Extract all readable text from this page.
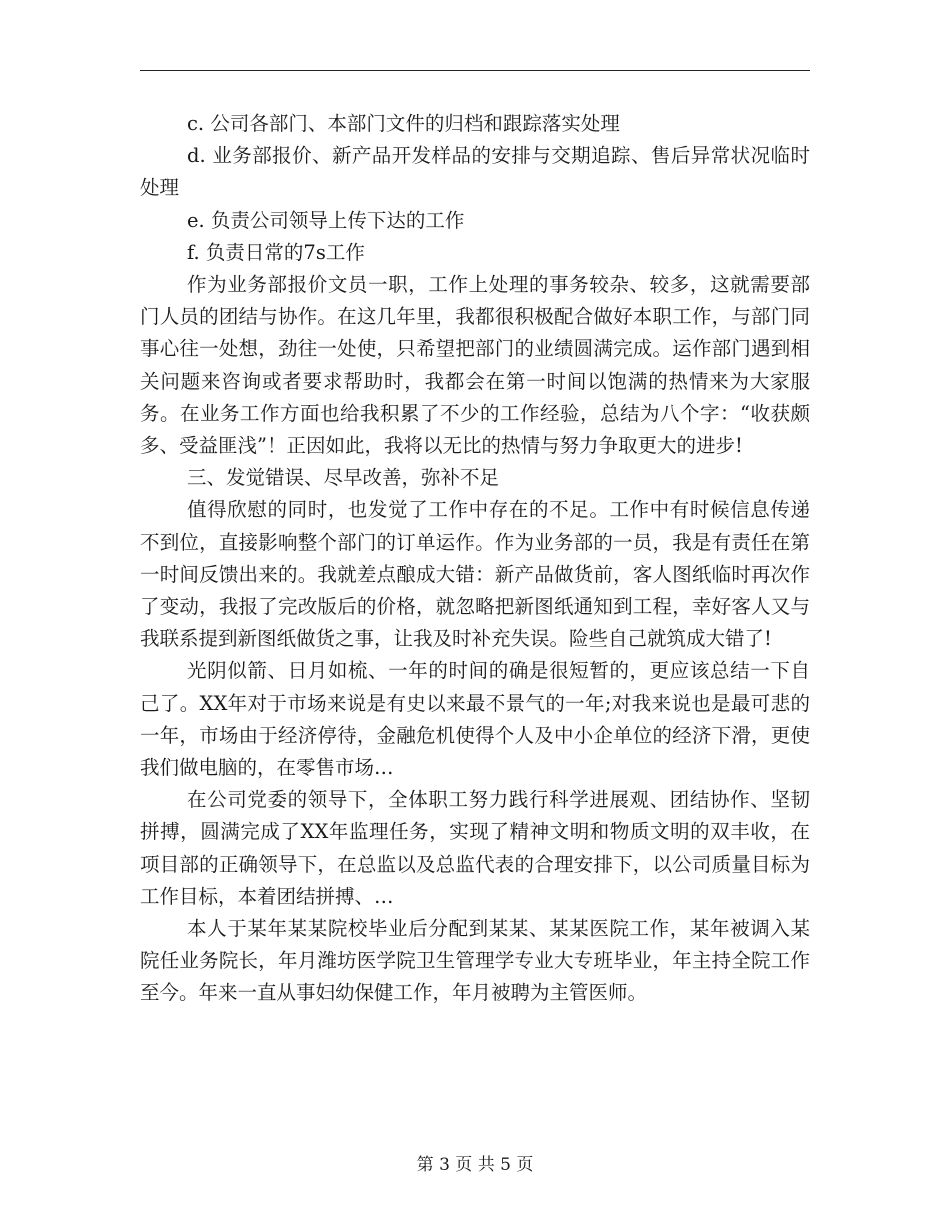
c. 公司各部门、本部门文件的归档和跟踪落实处理

d. 业务部报价、新产品开发样品的安排与交期追踪、售后异常状况临时处理

e. 负责公司领导上传下达的工作

f. 负责日常的7s工作

作为业务部报价文员一职，工作上处理的事务较杂、较多，这就需要部门人员的团结与协作。在这几年里，我都很积极配合做好本职工作，与部门同事心往一处想，劲往一处使，只希望把部门的业绩圆满完成。运作部门遇到相关问题来咨询或者要求帮助时，我都会在第一时间以饱满的热情来为大家服务。在业务工作方面也给我积累了不少的工作经验，总结为八个字：“收获颇多、受益匪浅”！正因如此，我将以无比的热情与努力争取更大的进步!

三、发觉错误、尽早改善，弥补不足

值得欣慰的同时，也发觉了工作中存在的不足。工作中有时候信息传递不到位，直接影响整个部门的订单运作。作为业务部的一员，我是有责任在第一时间反馈出来的。我就差点酿成大错：新产品做货前，客人图纸临时再次作了变动，我报了完改版后的价格，就忽略把新图纸通知到工程，幸好客人又与我联系提到新图纸做货之事，让我及时补充失误。险些自己就筑成大错了!

光阴似箭、日月如梳、一年的时间的确是很短暂的，更应该总结一下自己了。XX年对于市场来说是有史以来最不景气的一年;对我来说也是最可悲的一年，市场由于经济停待，金融危机使得个人及中小企单位的经济下滑，更使我们做电脑的，在零售市场…

在公司党委的领导下，全体职工努力践行科学进展观、团结协作、坚韧拼搏，圆满完成了XX年监理任务，实现了精神文明和物质文明的双丰收，在项目部的正确领导下，在总监以及总监代表的合理安排下，以公司质量目标为工作目标，本着团结拼搏、…

本人于某年某某院校毕业后分配到某某、某某医院工作，某年被调入某院任业务院长，年月潍坊医学院卫生管理学专业大专班毕业，年主持全院工作至今。年来一直从事妇幼保健工作，年月被聘为主管医师。

第 3 页 共 5 页
